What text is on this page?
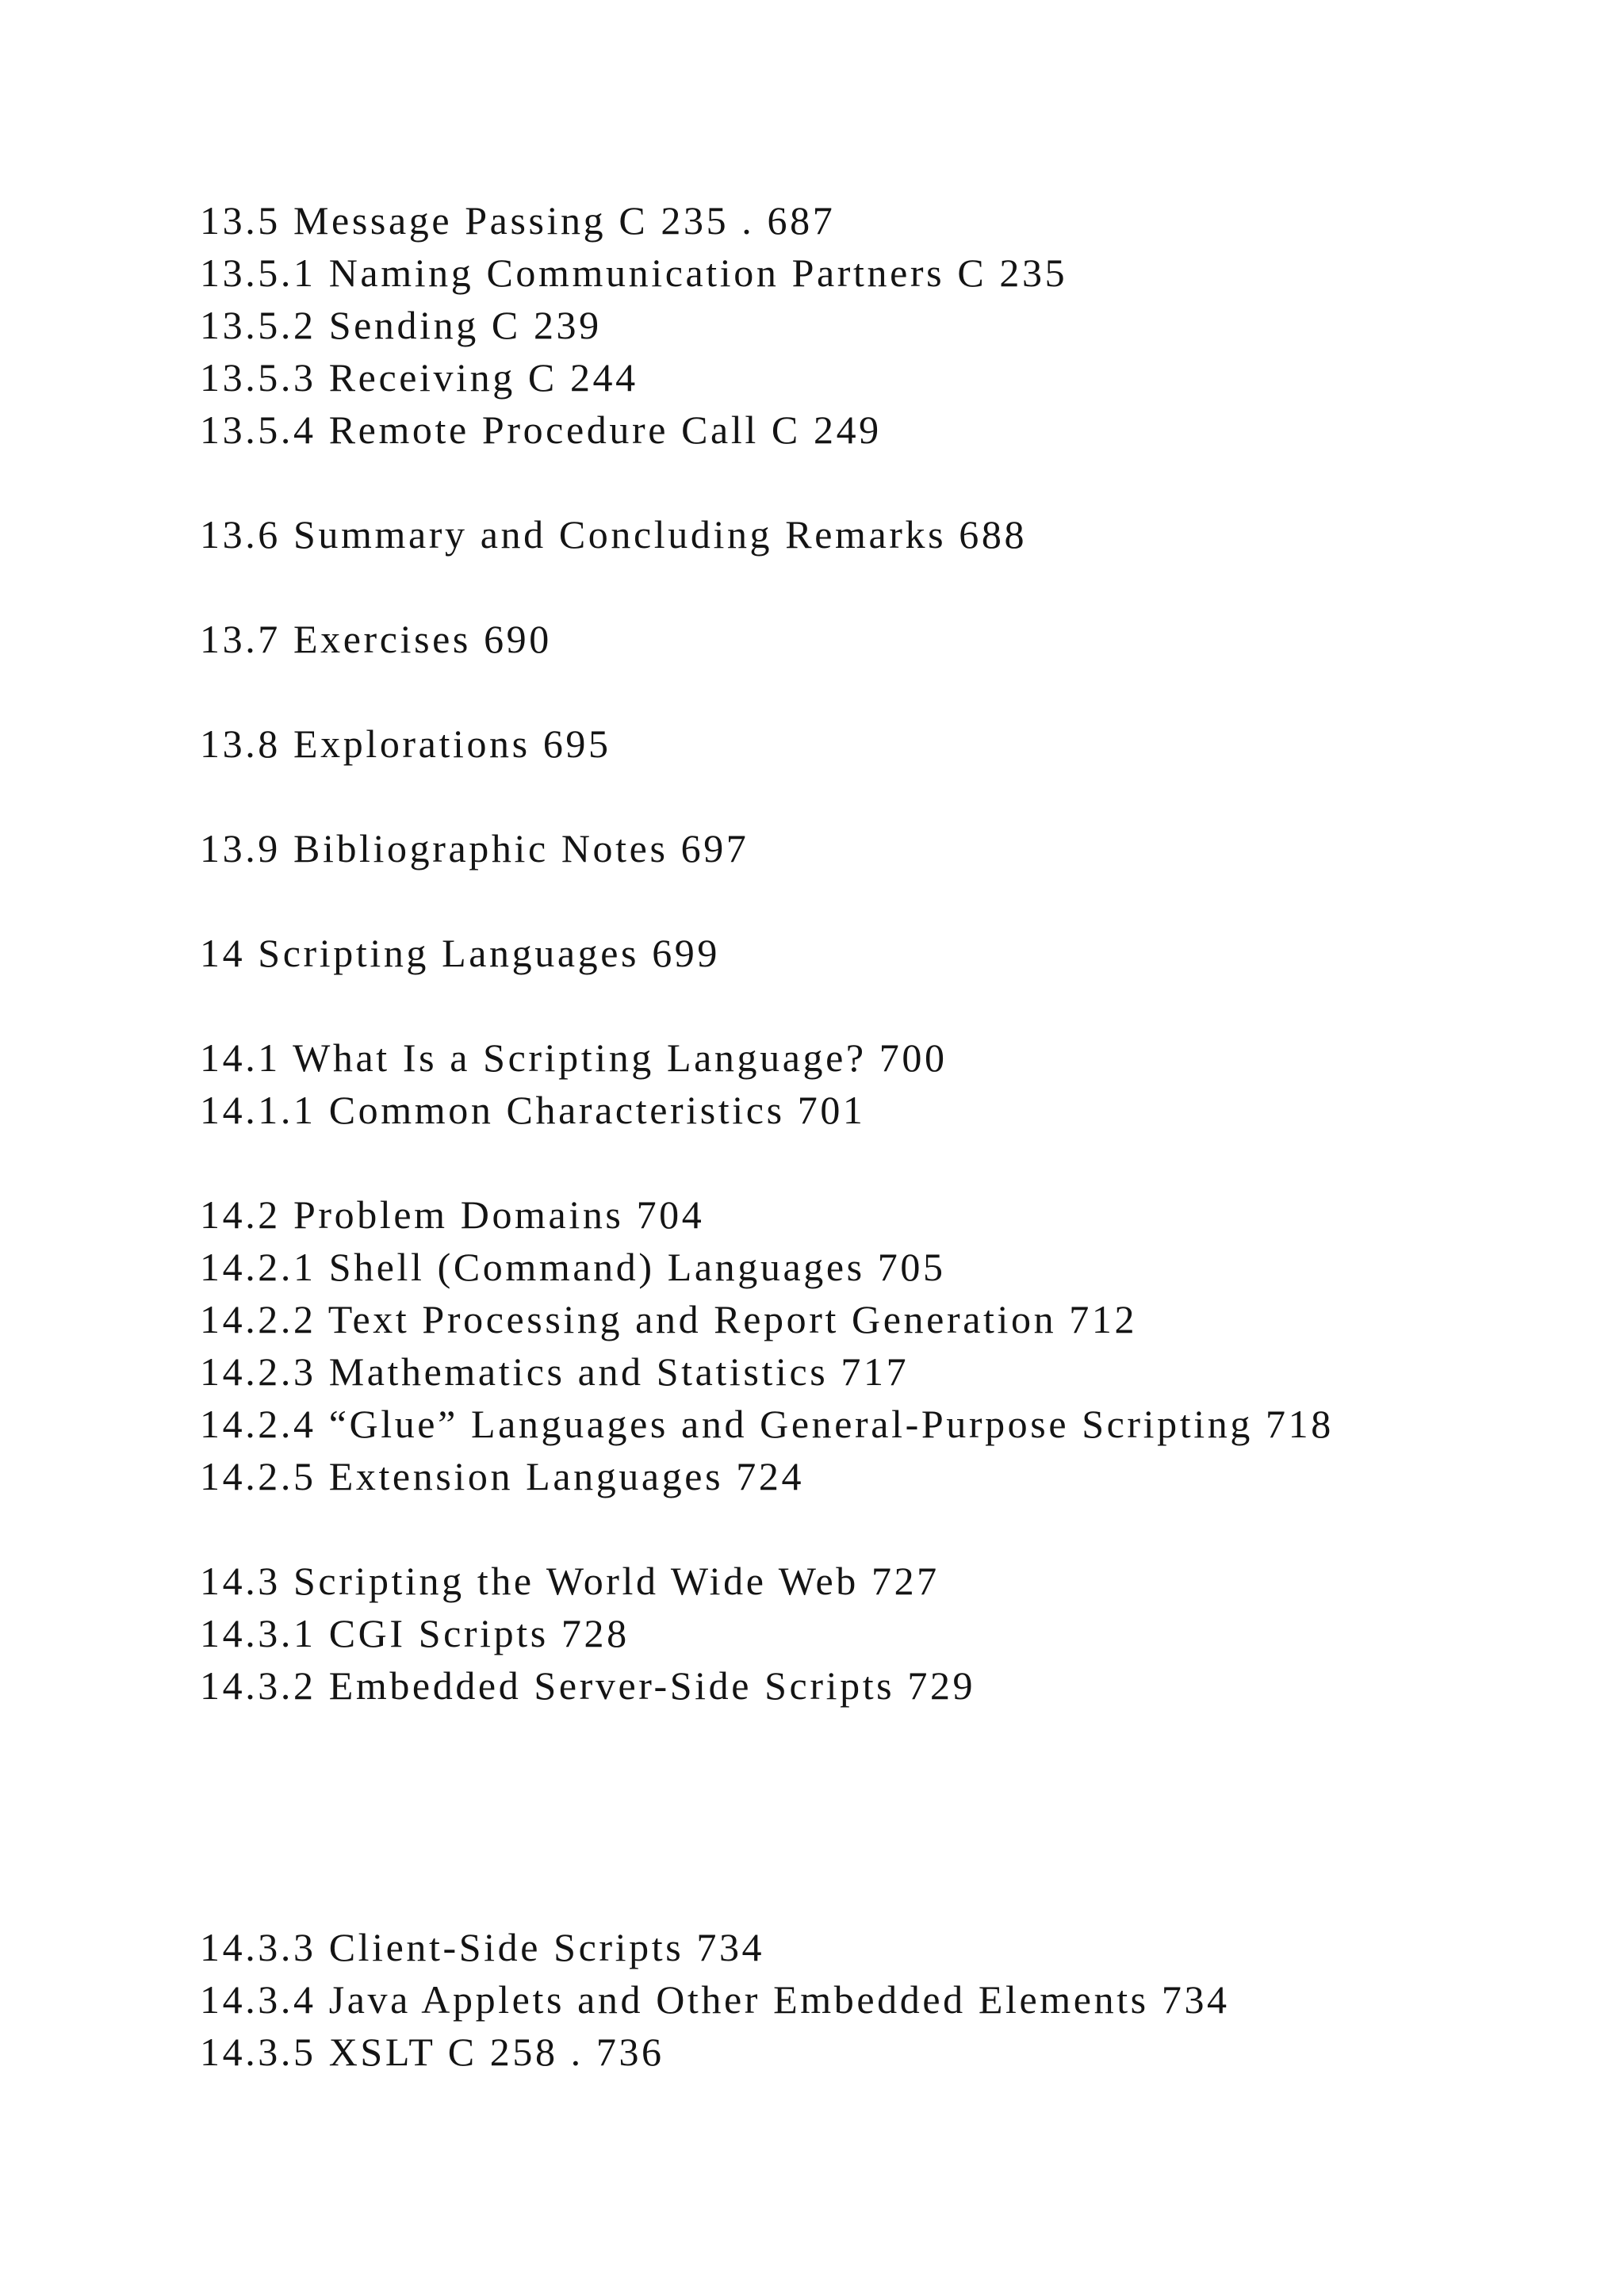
13.5 Message Passing C 235 . 687
13.5.1 Naming Communication Partners C 235
13.5.2 Sending C 239
13.5.3 Receiving C 244
13.5.4 Remote Procedure Call C 249
13.6 Summary and Concluding Remarks 688
13.7 Exercises 690
13.8 Explorations 695
13.9 Bibliographic Notes 697
14 Scripting Languages 699
14.1 What Is a Scripting Language? 700
14.1.1 Common Characteristics 701
14.2 Problem Domains 704
14.2.1 Shell (Command) Languages 705
14.2.2 Text Processing and Report Generation 712
14.2.3 Mathematics and Statistics 717
14.2.4 “Glue” Languages and General-Purpose Scripting 718
14.2.5 Extension Languages 724
14.3 Scripting the World Wide Web 727
14.3.1 CGI Scripts 728
14.3.2 Embedded Server-Side Scripts 729
14.3.3 Client-Side Scripts 734
14.3.4 Java Applets and Other Embedded Elements 734
14.3.5 XSLT C 258 . 736
